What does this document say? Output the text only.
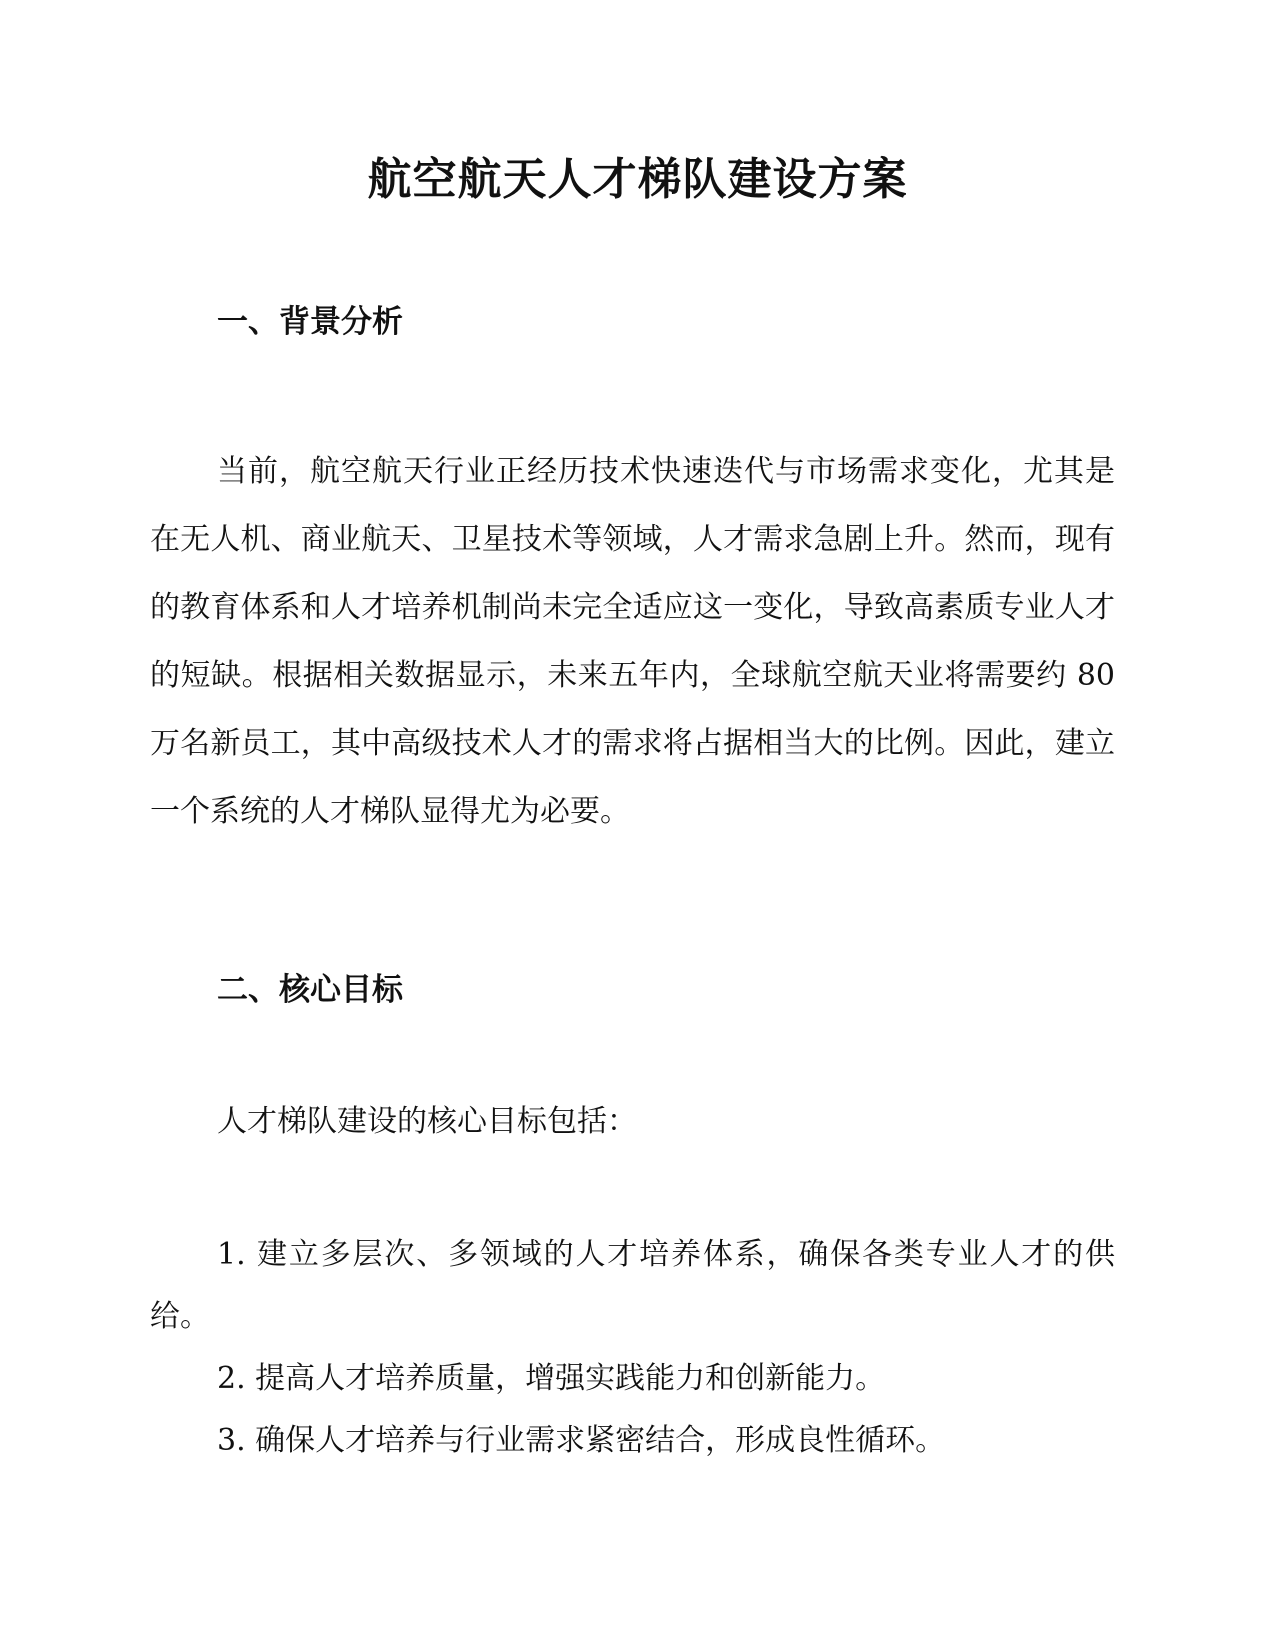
航空航天人才梯队建设方案
一、背景分析

当前，航空航天行业正经历技术快速迭代与市场需求变化，尤其是在无人机、商业航天、卫星技术等领域，人才需求急剧上升。然而，现有的教育体系和人才培养机制尚未完全适应这一变化，导致高素质专业人才的短缺。根据相关数据显示，未来五年内，全球航空航天业将需要约 80 万名新员工，其中高级技术人才的需求将占据相当大的比例。因此，建立一个系统的人才梯队显得尤为必要。

二、核心目标

人才梯队建设的核心目标包括：

1. 建立多层次、多领域的人才培养体系，确保各类专业人才的供给。
2. 提高人才培养质量，增强实践能力和创新能力。
3. 确保人才培养与行业需求紧密结合，形成良性循环。
